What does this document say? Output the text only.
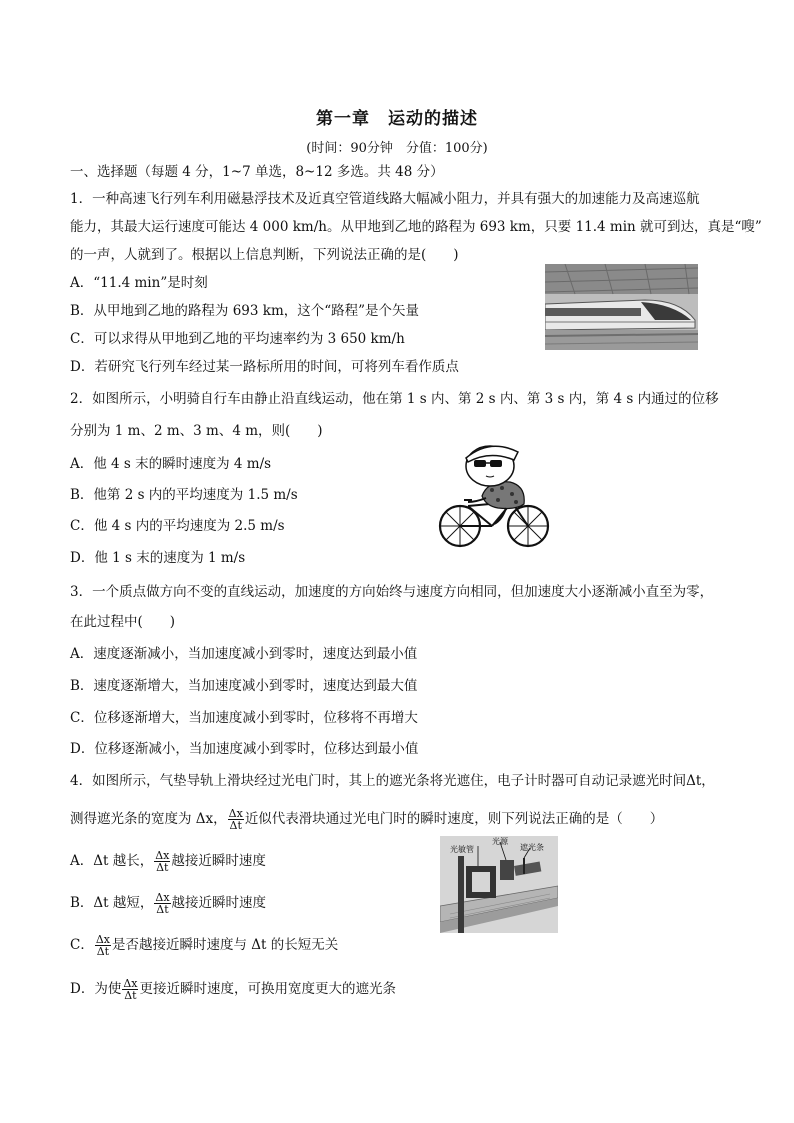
第一章　运动的描述
(时间：90分钟　分值：100分)
一、选择题（每题 4 分，1~7 单选，8~12 多选。共 48 分）
1．一种高速飞行列车利用磁悬浮技术及近真空管道线路大幅减小阻力，并具有强大的加速能力及高速巡航
能力，其最大运行速度可能达 4 000 km/h。从甲地到乙地的路程为 693 km，只要 11.4 min 就可到达，真是“嗖”
的一声，人就到了。根据以上信息判断，下列说法正确的是(　　)
A．“11.4 min”是时刻
B．从甲地到乙地的路程为 693 km，这个“路程”是个矢量
C．可以求得从甲地到乙地的平均速率约为 3 650 km/h
D．若研究飞行列车经过某一路标所用的时间，可将列车看作质点
2．如图所示，小明骑自行车由静止沿直线运动，他在第 1 s 内、第 2 s 内、第 3 s 内，第 4 s 内通过的位移
分别为 1 m、2 m、3 m、4 m，则(　　)
A．他 4 s 末的瞬时速度为 4 m/s
B．他第 2 s 内的平均速度为 1.5 m/s
C．他 4 s 内的平均速度为 2.5 m/s
D．他 1 s 末的速度为 1 m/s
3．一个质点做方向不变的直线运动，加速度的方向始终与速度方向相同，但加速度大小逐渐减小直至为零，
在此过程中(　　)
A．速度逐渐减小，当加速度减小到零时，速度达到最小值
B．速度逐渐增大，当加速度减小到零时，速度达到最大值
C．位移逐渐增大，当加速度减小到零时，位移将不再增大
D．位移逐渐减小，当加速度减小到零时，位移达到最小值
4．如图所示，气垫导轨上滑块经过光电门时，其上的遮光条将光遮住，电子计时器可自动记录遮光时间Δt，
测得遮光条的宽度为 Δx， $\frac{\Delta x}{\Delta t}$ 近似代表滑块通过光电门时的瞬时速度，则下列说法正确的是（　　）
A．Δt 越长， $\frac{\Delta x}{\Delta t}$ 越接近瞬时速度
B．Δt 越短， $\frac{\Delta x}{\Delta t}$ 越接近瞬时速度
C． $\frac{\Delta x}{\Delta t}$ 是否越接近瞬时速度与 Δt 的长短无关
D．为使 $\frac{\Delta x}{\Delta t}$ 更接近瞬时速度，可换用宽度更大的遮光条
光源
光敏管	遮光条
